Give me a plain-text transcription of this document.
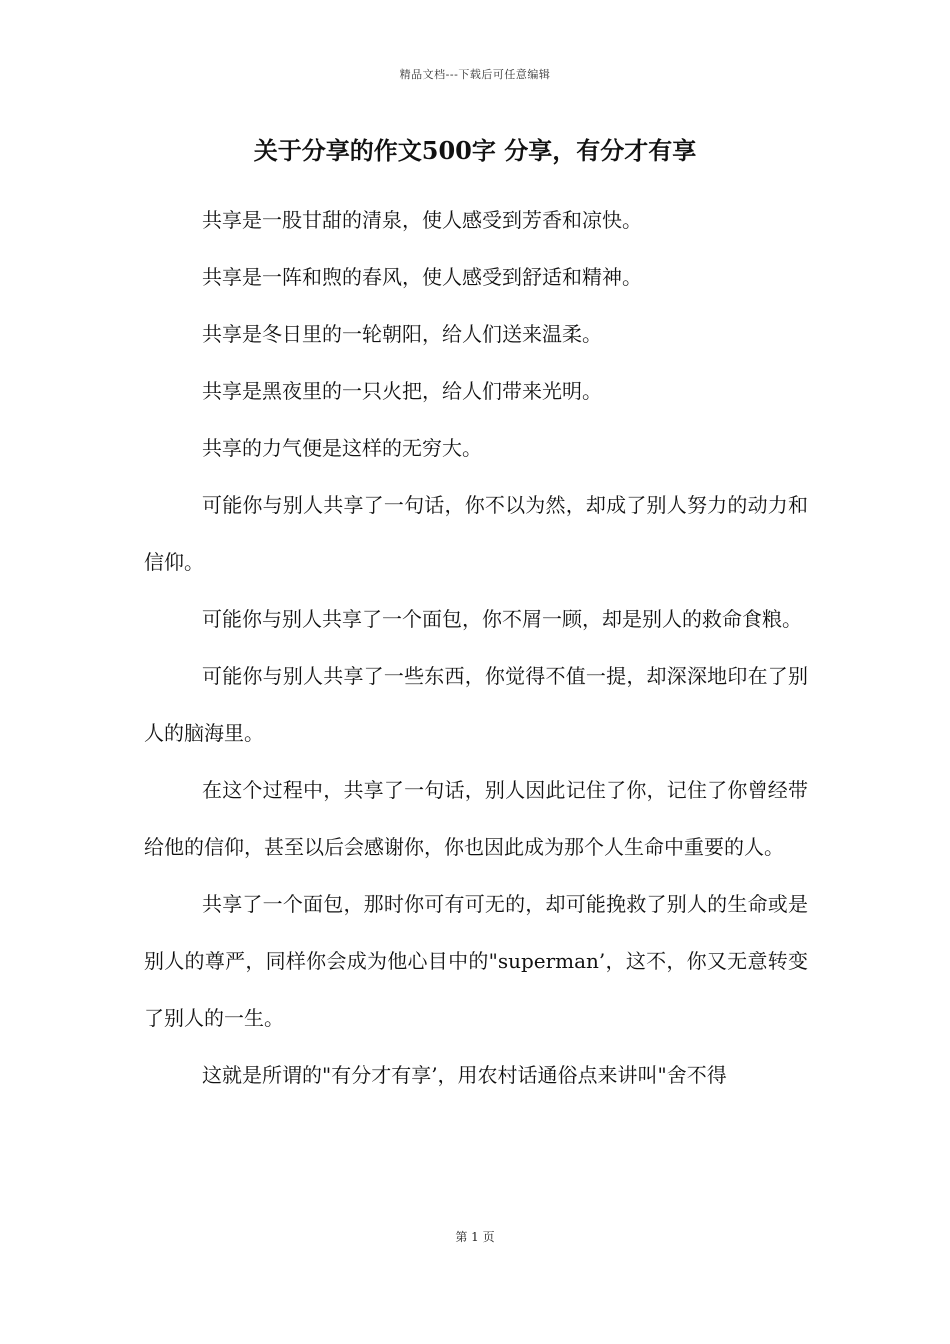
精品文档---下载后可任意编辑
关于分享的作文500字 分享，有分才有享

共享是一股甘甜的清泉，使人感受到芳香和凉快。

共享是一阵和煦的春风，使人感受到舒适和精神。

共享是冬日里的一轮朝阳，给人们送来温柔。

共享是黑夜里的一只火把，给人们带来光明。

共享的力气便是这样的无穷大。

可能你与别人共享了一句话，你不以为然，却成了别人努力的动力和信仰。

可能你与别人共享了一个面包，你不屑一顾，却是别人的救命食粮。

可能你与别人共享了一些东西，你觉得不值一提，却深深地印在了别人的脑海里。

在这个过程中，共享了一句话，别人因此记住了你，记住了你曾经带给他的信仰，甚至以后会感谢你，你也因此成为那个人生命中重要的人。

共享了一个面包，那时你可有可无的，却可能挽救了别人的生命或是别人的尊严，同样你会成为他心目中的"superman’，这不，你又无意转变了别人的一生。

这就是所谓的"有分才有享’，用农村话通俗点来讲叫"舍不得

第 1 页
